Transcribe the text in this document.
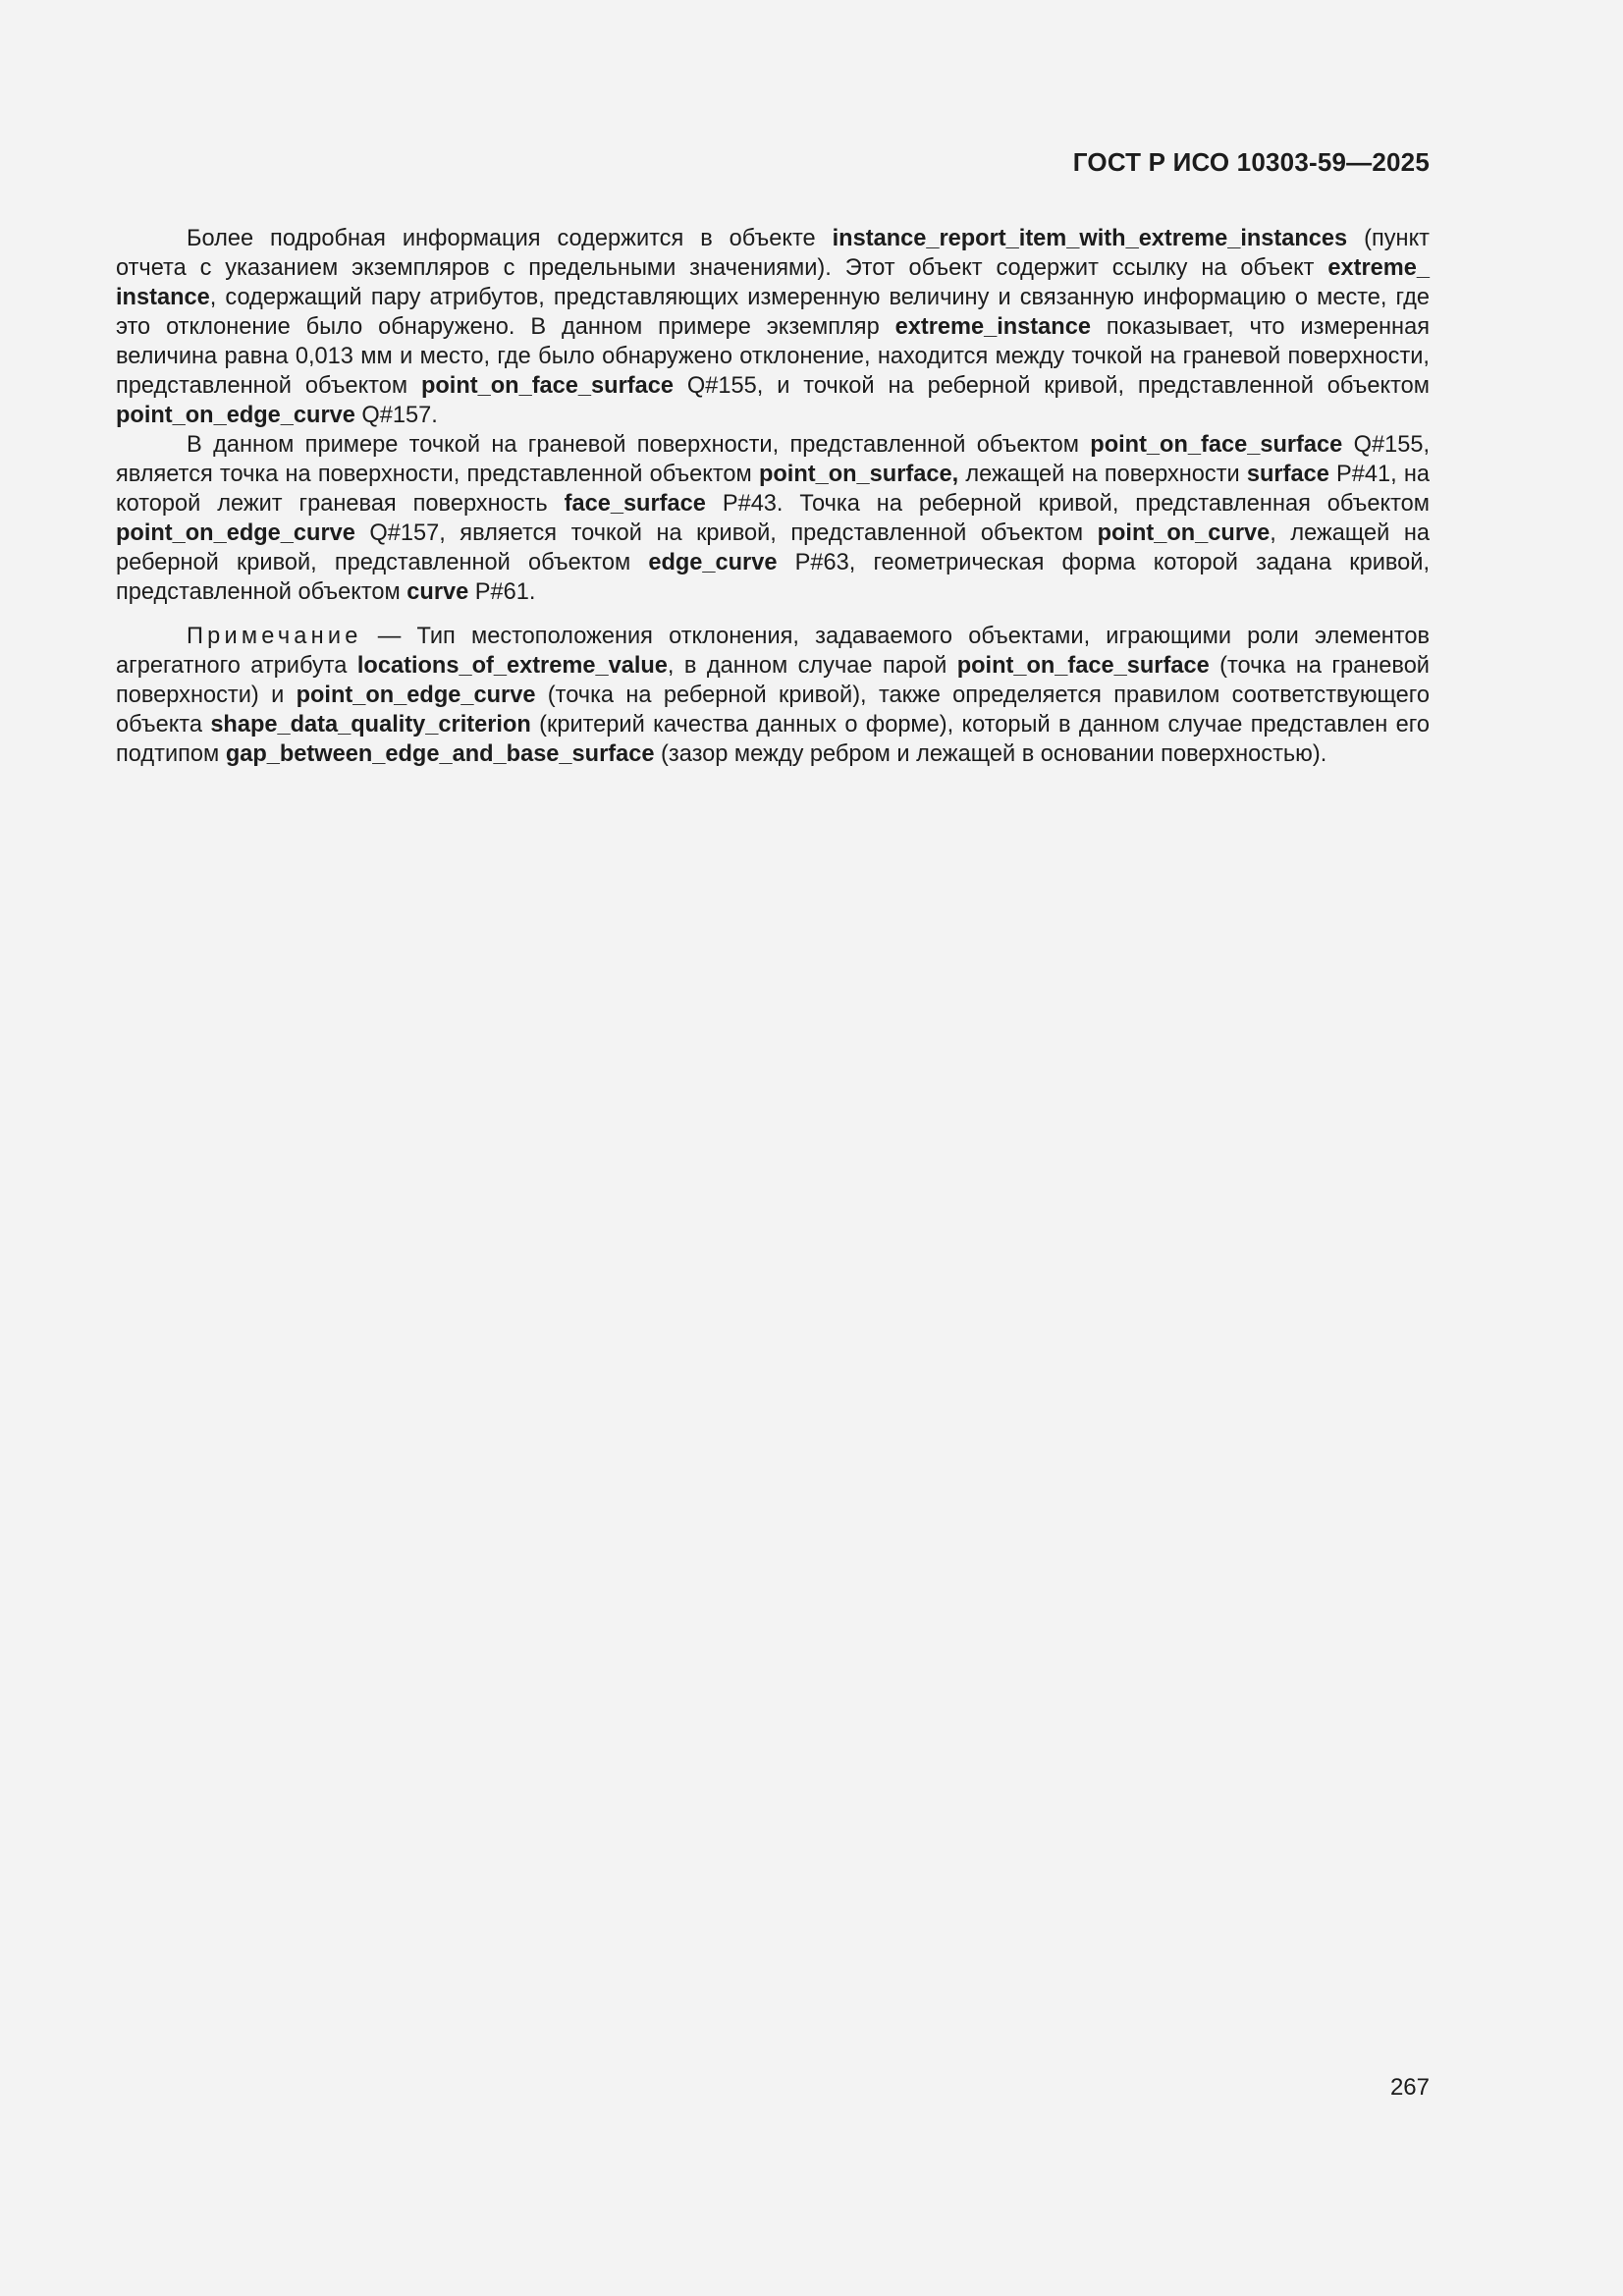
ГОСТ Р ИСО 10303-59—2025

Более подробная информация содержится в объекте instance_report_item_with_extreme_instances (пункт отчета с указанием экземпляров с предельными значениями). Этот объект содержит ссылку на объект extreme_ instance, содержащий пару атрибутов, представляющих измеренную величину и связанную информацию о месте, где это отклонение было обнаружено. В данном примере экземпляр extreme_instance показывает, что измеренная величина равна 0,013 мм и место, где было обнаружено отклонение, находится между точкой на граневой поверхности, представленной объектом point_on_face_surface Q#155, и точкой на реберной кривой, представленной объектом point_on_edge_curve Q#157.

В данном примере точкой на граневой поверхности, представленной объектом point_on_face_surface Q#155, является точка на поверхности, представленной объектом point_on_surface, лежащей на поверхности surface P#41, на которой лежит граневая поверхность face_surface P#43. Точка на реберной кривой, представленная объектом point_on_edge_curve Q#157, является точкой на кривой, представленной объектом point_on_curve, лежащей на реберной кривой, представленной объектом edge_curve P#63, геометрическая форма которой задана кривой, представленной объектом curve P#61.

Примечание — Тип местоположения отклонения, задаваемого объектами, играющими роли элементов агрегатного атрибута locations_of_extreme_value, в данном случае парой point_on_face_surface (точка на граневой поверхности) и point_on_edge_curve (точка на реберной кривой), также определяется правилом соответствующего объекта shape_data_quality_criterion (критерий качества данных о форме), который в данном случае представлен его подтипом gap_between_edge_and_base_surface (зазор между ребром и лежащей в основании поверхностью).

267
